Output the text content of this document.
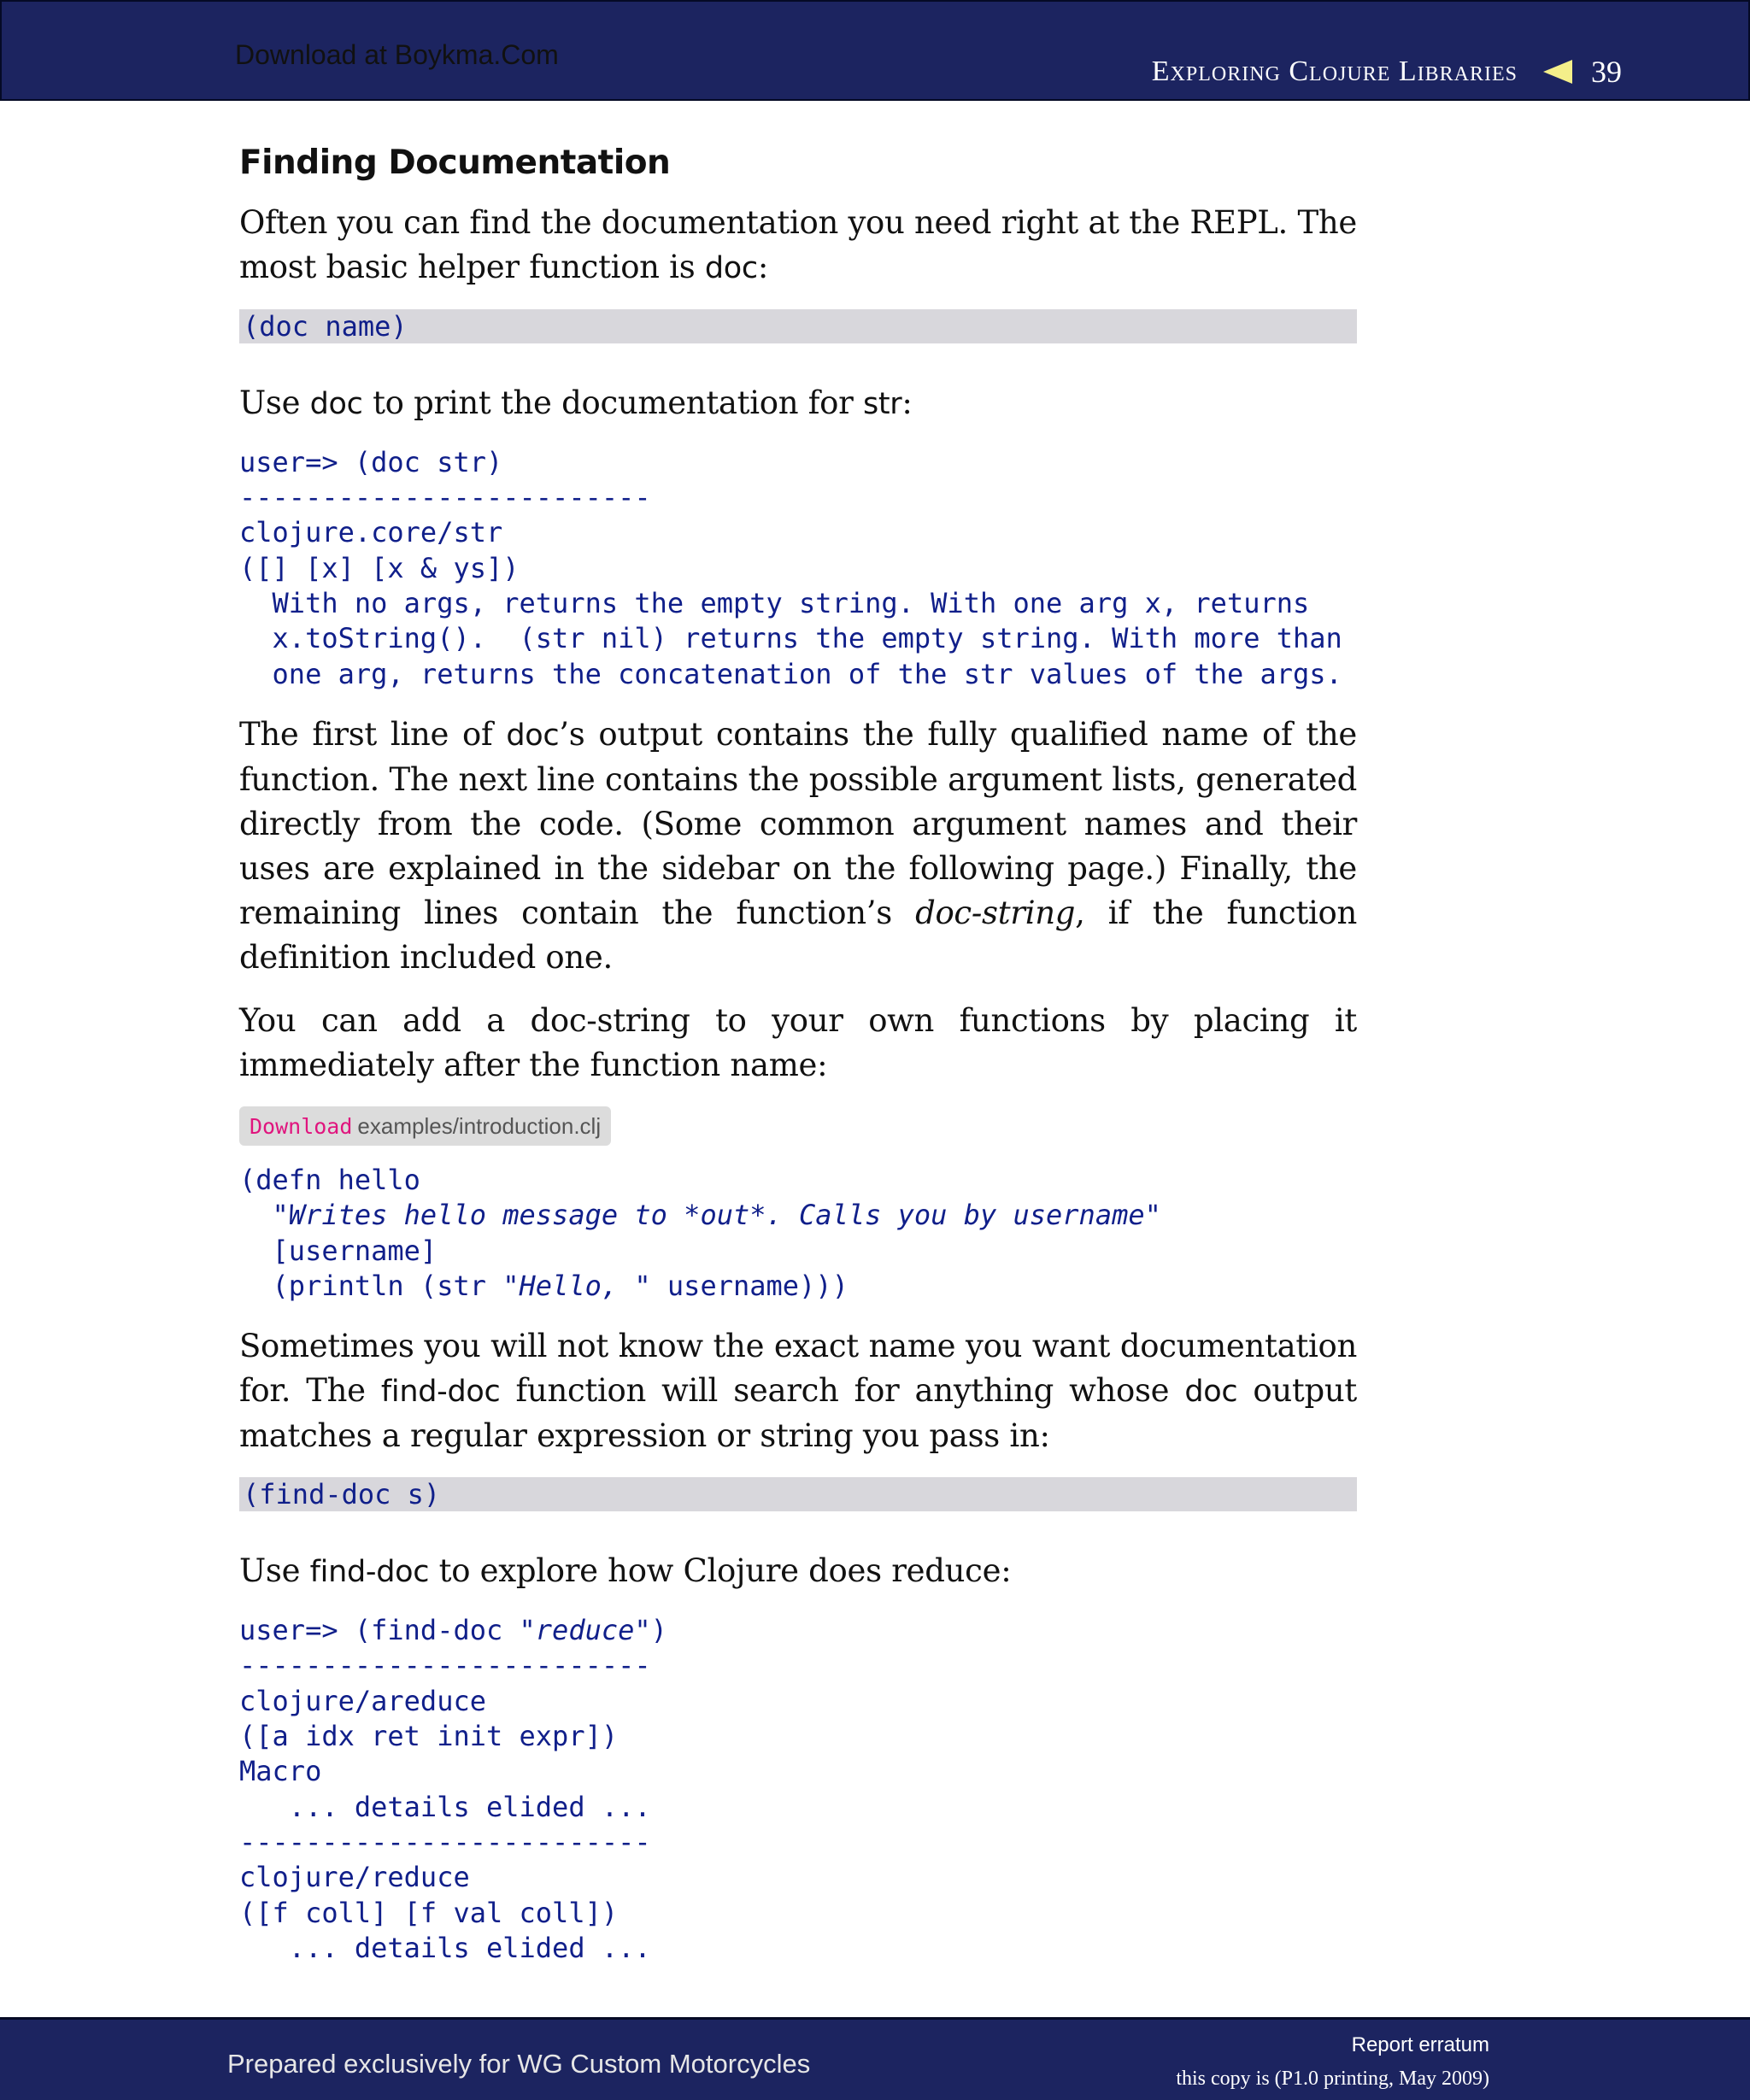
Download at Boykma.Com
Exploring Clojure Libraries 39
Finding Documentation

Often you can find the documentation you need right at the REPL. The most basic helper function is doc:

(doc name)

Use doc to print the documentation for str:

user=> (doc str)
-------------------------
clojure.core/str
([] [x] [x & ys])
With no args, returns the empty string. With one arg x, returns
x.toString().  (str nil) returns the empty string. With more than
one arg, returns the concatenation of the str values of the args.

The first line of doc’s output contains the fully qualified name of the function. The next line contains the possible argument lists, generated directly from the code. (Some common argument names and their uses are explained in the sidebar on the following page.) Finally, the remaining lines contain the function’s doc-string, if the function definition included one.

You can add a doc-string to your own functions by placing it immediately after the function name:

Download examples/introduction.clj
(defn hello
"Writes hello message to *out*. Calls you by username"
[username]
(println (str "Hello, " username)))

Sometimes you will not know the exact name you want documentation for. The find-doc function will search for anything whose doc output matches a regular expression or string you pass in:

(find-doc s)

Use find-doc to explore how Clojure does reduce:

user=> (find-doc "reduce")
-------------------------
clojure/areduce
([a idx ret init expr])
Macro
... details elided ...
-------------------------
clojure/reduce
([f coll] [f val coll])
... details elided ...
Prepared exclusively for WG Custom Motorcycles
Report erratum
this copy is (P1.0 printing, May 2009)
